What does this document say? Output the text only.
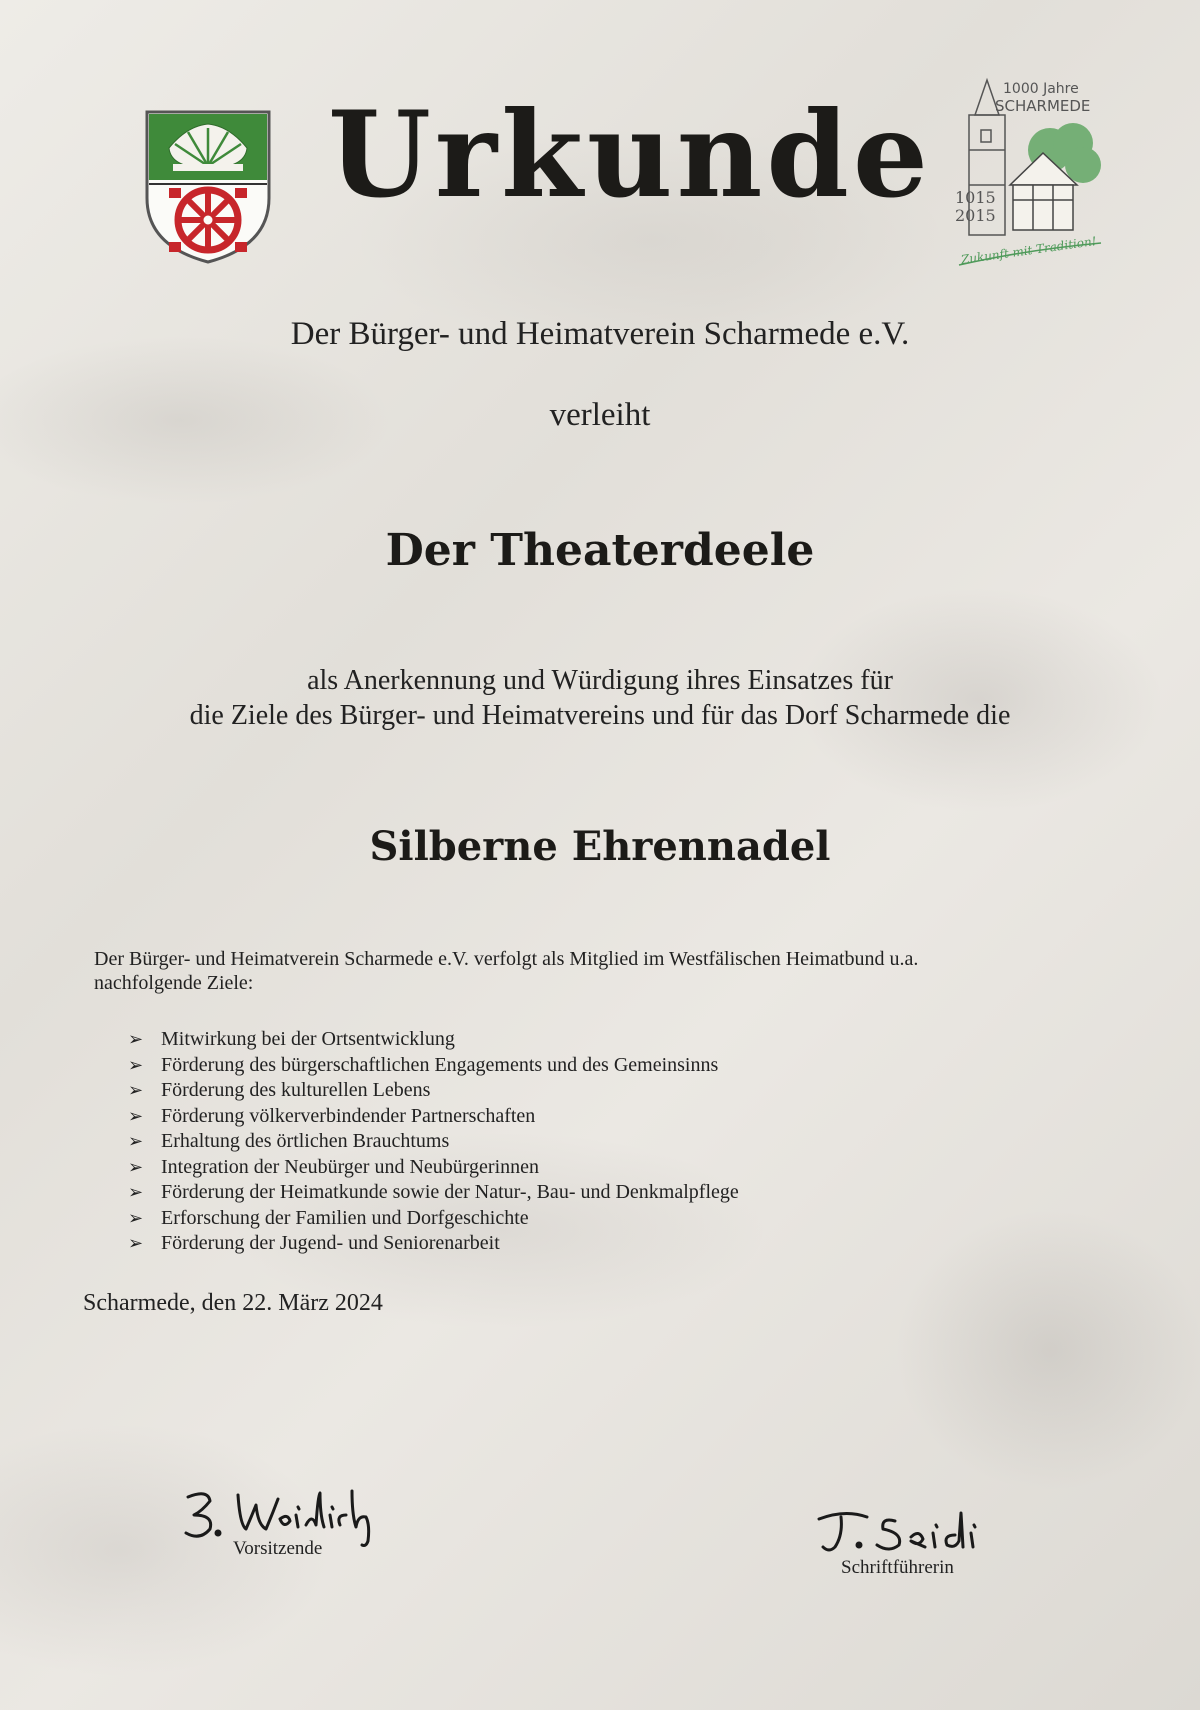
Urkunde	1000 Jahre
SCHARMEDE
1015
2015
Zukunft mit Tradition!
Der Bürger- und Heimatverein Scharmede e.V.
verleiht
Der Theaterdeele
als Anerkennung und Würdigung ihres Einsatzes für
die Ziele des Bürger- und Heimatvereins und für das Dorf Scharmede die
Silberne Ehrennadel
Der Bürger- und Heimatverein Scharmede e.V. verfolgt als Mitglied im Westfälischen Heimatbund u.a.
nachfolgende Ziele:
➢ Mitwirkung bei der Ortsentwicklung
➢ Förderung des bürgerschaftlichen Engagements und des Gemeinsinns
➢ Förderung des kulturellen Lebens
➢ Förderung völkerverbindender Partnerschaften
➢ Erhaltung des örtlichen Brauchtums
➢ Integration der Neubürger und Neubürgerinnen
➢ Förderung der Heimatkunde sowie der Natur-, Bau- und Denkmalpflege
➢ Erforschung der Familien und Dorfgeschichte
➢ Förderung der Jugend- und Seniorenarbeit
Scharmede, den 22. März 2024
Vorsitzende
Schriftführerin
